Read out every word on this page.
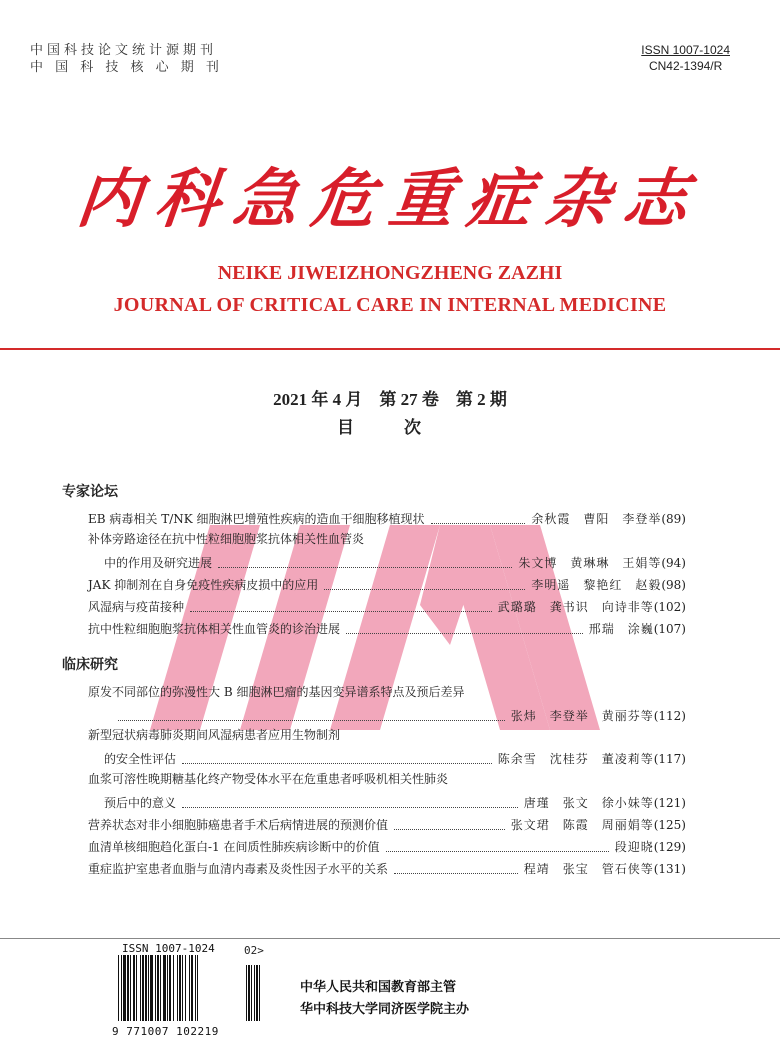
中国科技论文统计源期刊
中 国 科 技 核 心 期 刊
ISSN 1007-1024
CN42-1394/R
内科急危重症杂志
NEIKE JIWEIZHONGZHENG ZAZHI
JOURNAL OF CRITICAL CARE IN INTERNAL MEDICINE
2021 年 4 月　第 27 卷　第 2 期
目 次
专家论坛
EB 病毒相关 T/NK 细胞淋巴增殖性疾病的造血干细胞移植现状	余秋霞　曹阳　李登举(89)
补体旁路途径在抗中性粒细胞胞浆抗体相关性血管炎
中的作用及研究进展	朱文博　黄琳琳　王娟等(94)
JAK 抑制剂在自身免疫性疾病皮损中的应用	李明遥　黎艳红　赵毅(98)
风湿病与疫苗接种	武璐璐　龚书识　向诗非等(102)
抗中性粒细胞胞浆抗体相关性血管炎的诊治进展	邢瑞　涂巍(107)
临床研究
原发不同部位的弥漫性大 B 细胞淋巴瘤的基因变异谱系特点及预后差异
张炜　李登举　黄丽芬等(112)
新型冠状病毒肺炎期间风湿病患者应用生物制剂
的安全性评估	陈余雪　沈桂芬　董凌莉等(117)
血浆可溶性晚期糖基化终产物受体水平在危重患者呼吸机相关性肺炎
预后中的意义	唐瑾　张文　徐小妹等(121)
营养状态对非小细胞肺癌患者手术后病情进展的预测价值	张文珺　陈霞　周丽娟等(125)
血清单核细胞趋化蛋白-1 在间质性肺疾病诊断中的价值	段迎晓(129)
重症监护室患者血脂与血清内毒素及炎性因子水平的关系	程靖　张宝　管石侠等(131)
ISSN 1007-1024	02>
9 771007 102219
中华人民共和国教育部主管
华中科技大学同济医学院主办
